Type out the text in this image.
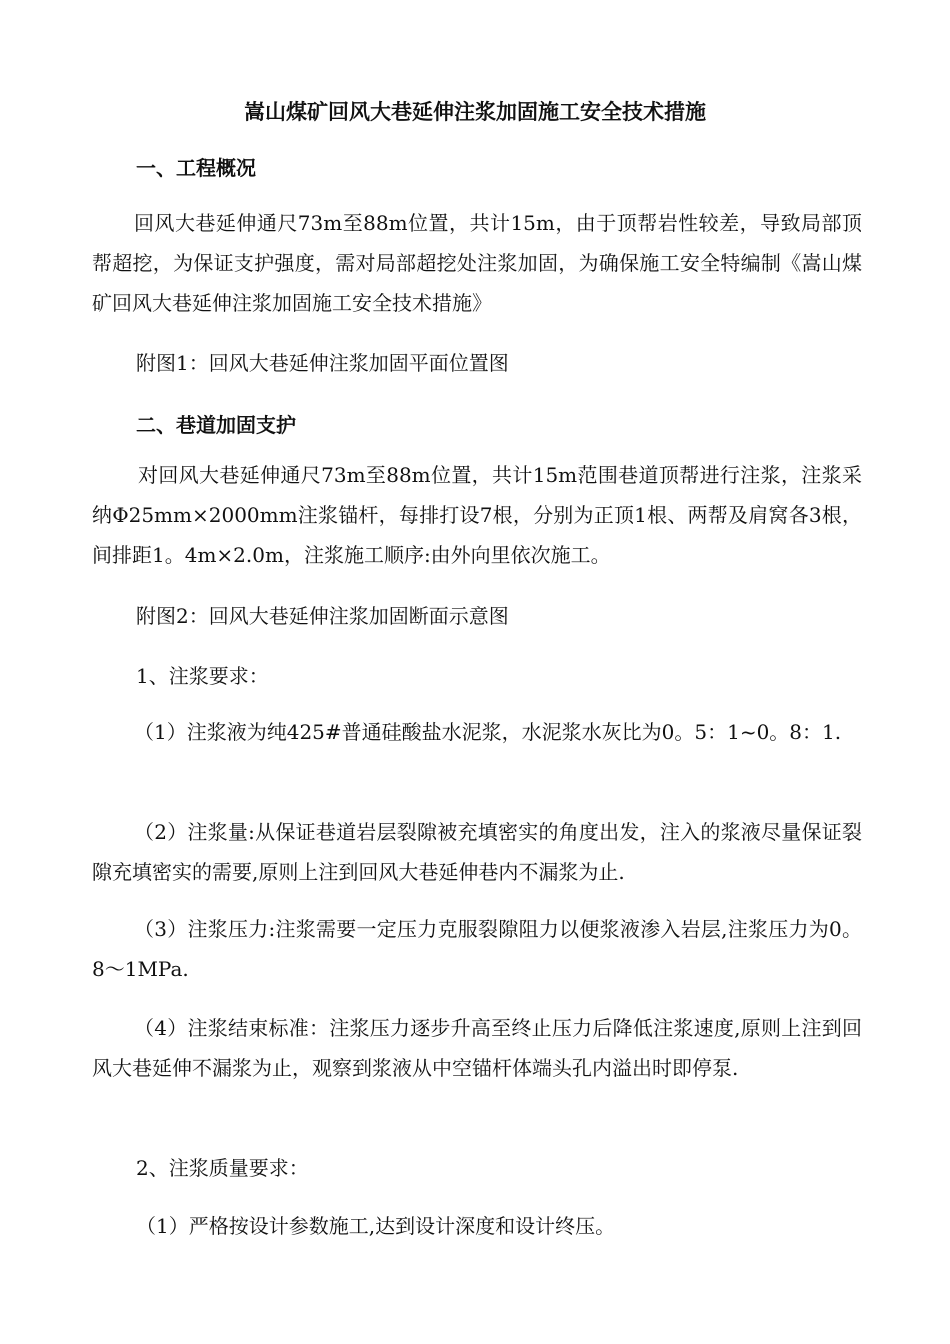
嵩山煤矿回风大巷延伸注浆加固施工安全技术措施
一、工程概况
回风大巷延伸通尺73m至88m位置，共计15m，由于顶帮岩性较差，导致局部顶帮超挖，为保证支护强度，需对局部超挖处注浆加固，为确保施工安全特编制《嵩山煤矿回风大巷延伸注浆加固施工安全技术措施》
附图1：回风大巷延伸注浆加固平面位置图
二、巷道加固支护
对回风大巷延伸通尺73m至88m位置，共计15m范围巷道顶帮进行注浆，注浆采纳Φ25mm×2000mm注浆锚杆，每排打设7根，分别为正顶1根、两帮及肩窝各3根，间排距1。4m×2.0m，注浆施工顺序:由外向里依次施工。
附图2：回风大巷延伸注浆加固断面示意图
1、注浆要求：
（1）注浆液为纯425#普通硅酸盐水泥浆，水泥浆水灰比为0。5：1~0。8：1.
（2）注浆量:从保证巷道岩层裂隙被充填密实的角度出发，注入的浆液尽量保证裂隙充填密实的需要,原则上注到回风大巷延伸巷内不漏浆为止.
（3）注浆压力:注浆需要一定压力克服裂隙阻力以便浆液渗入岩层,注浆压力为0。8～1MPa.
（4）注浆结束标准：注浆压力逐步升高至终止压力后降低注浆速度,原则上注到回风大巷延伸不漏浆为止，观察到浆液从中空锚杆体端头孔内溢出时即停泵.
2、注浆质量要求：
（1）严格按设计参数施工,达到设计深度和设计终压。
